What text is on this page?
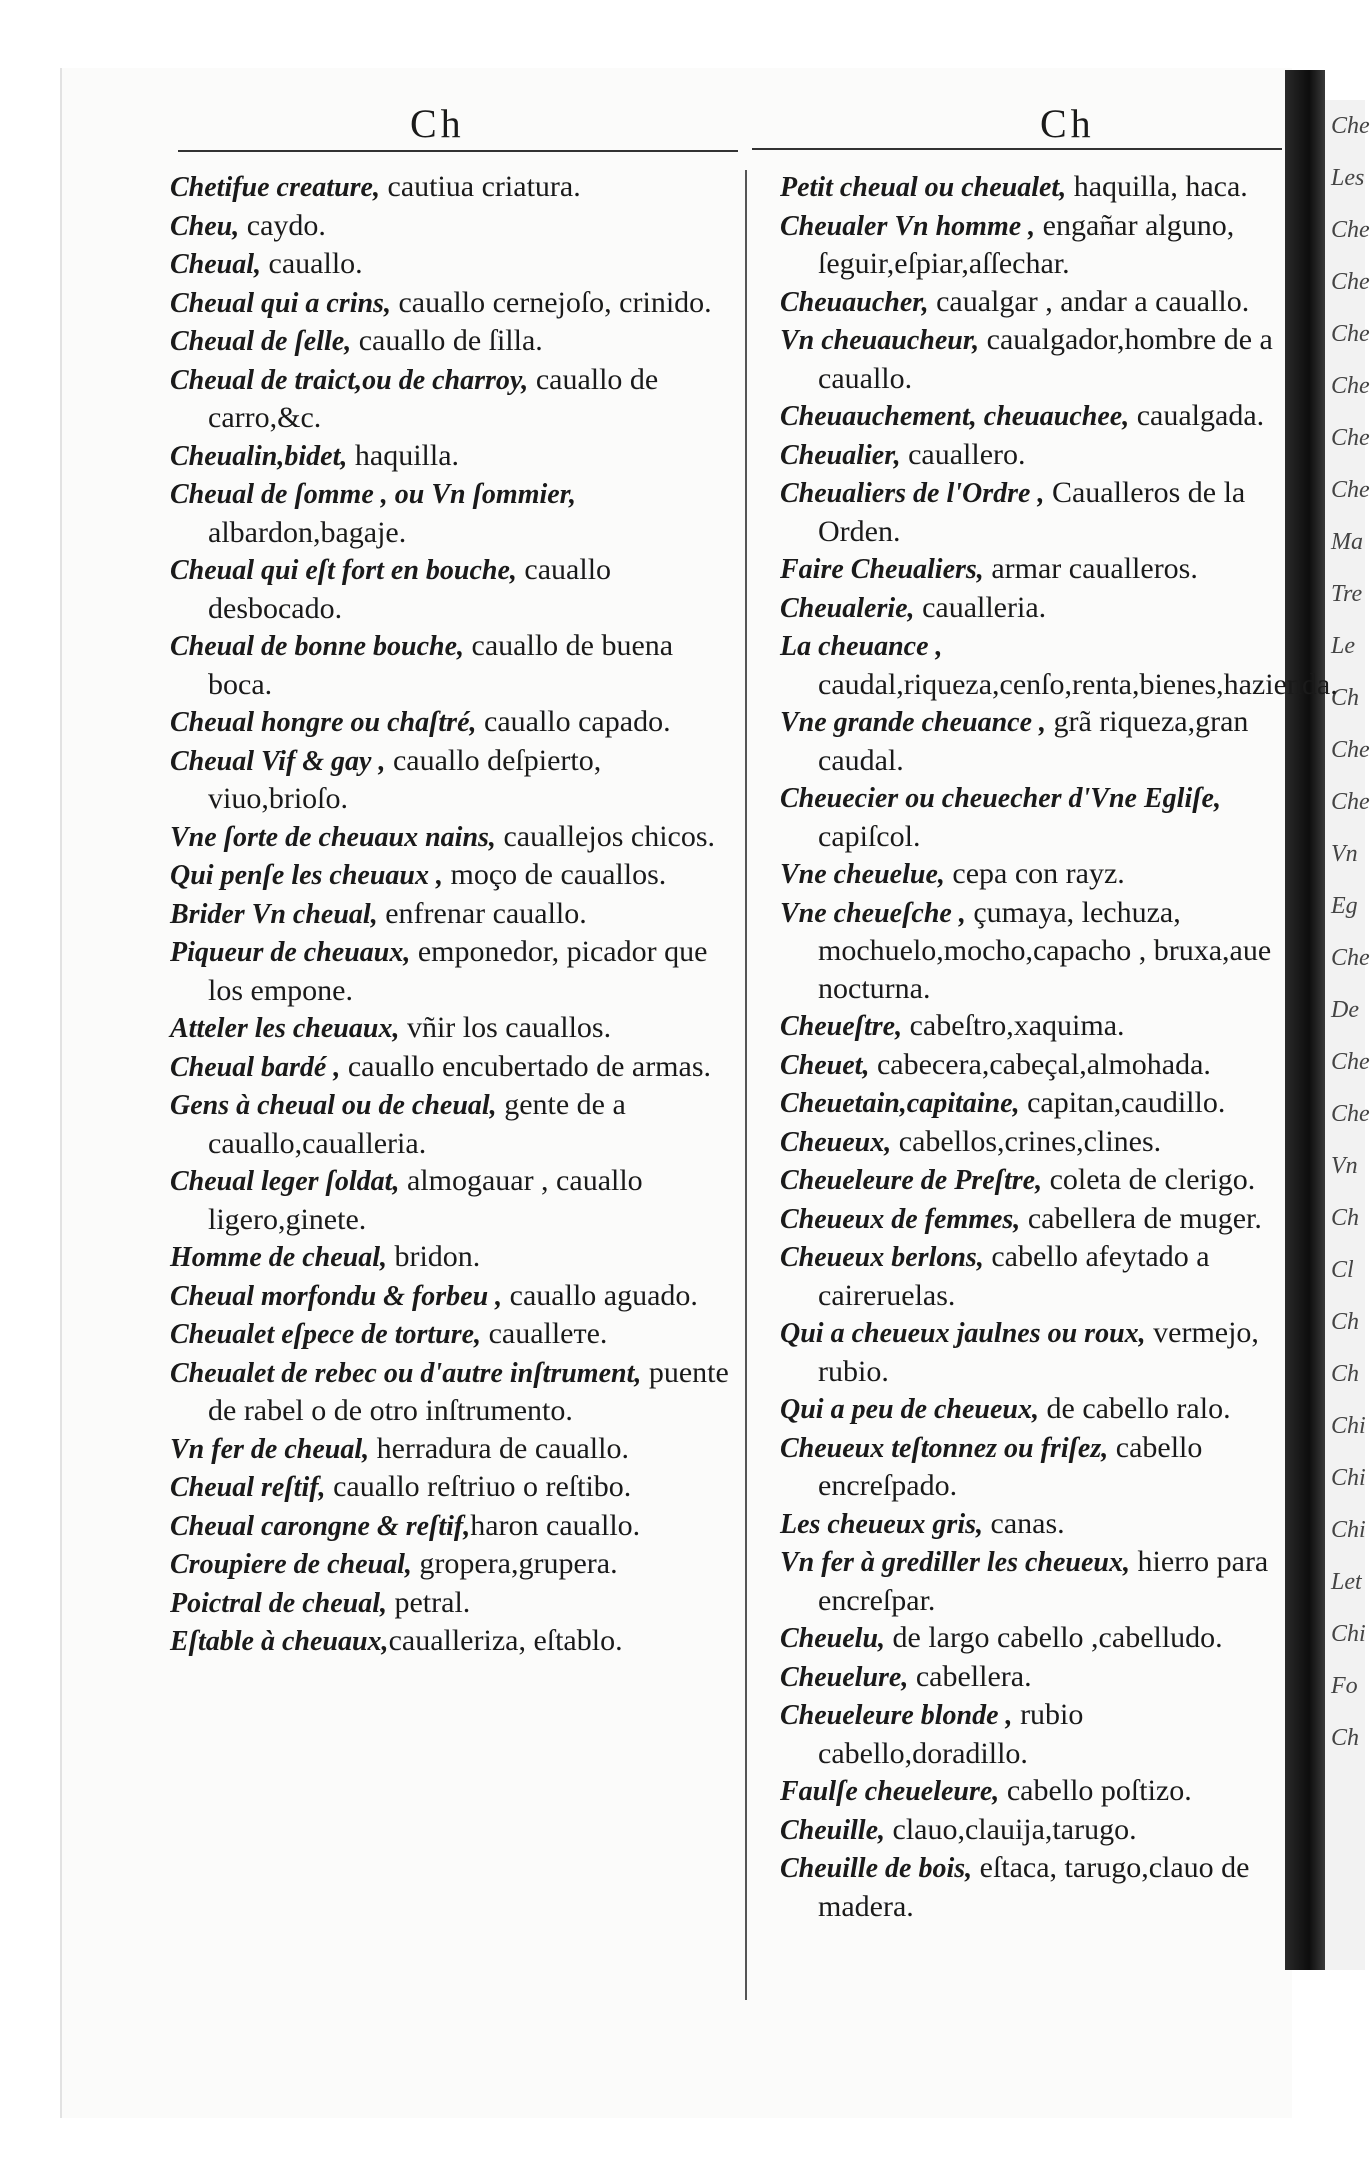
Che
Les
Che
Che
Che
Che
Che
Che
Ma
Tre
Le
Ch
Che
Che
Vn
Eg
Che
De
Che
Che
Vn
Ch
Cl
Ch
Ch
Chi
Chi
Chi
Let
Chi
Fo
Ch
Ch	Ch
Chetifue creature, cautiua criatura.
Cheu, caydo.
Cheual, cauallo.
Cheual qui a crins, cauallo cernejoſo, crinido.
Cheual de ſelle, cauallo de ſilla.
Cheual de traict,ou de charroy, cauallo de carro,&c.
Cheualin,bidet, haquilla.
Cheual de ſomme , ou Vn ſommier, albardon,bagaje.
Cheual qui eſt fort en bouche, cauallo desbocado.
Cheual de bonne bouche, cauallo de buena boca.
Cheual hongre ou chaſtré, cauallo capado.
Cheual Vif & gay , cauallo deſpierto, viuo,brioſo.
Vne ſorte de cheuaux nains, cauallejos chicos.
Qui penſe les cheuaux , moço de cauallos.
Brider Vn cheual, enfrenar cauallo.
Piqueur de cheuaux, emponedor, picador que los empone.
Atteler les cheuaux, vñir los cauallos.
Cheual bardé , cauallo encubertado de armas.
Gens à cheual ou de cheual, gente de a cauallo,caualleria.
Cheual leger ſoldat, almogauar , cauallo ligero,ginete.
Homme de cheual, bridon.
Cheual morfondu & forbeu , cauallo aguado.
Cheualet eſpece de torture, caualleте.
Cheualet de rebec ou d'autre inſtrument, puente de rabel o de otro inſtrumento.
Vn fer de cheual, herradura de cauallo.
Cheual reſtif, cauallo reſtriuo o reſtibo.
Cheual carongne & reſtif,haron cauallo.
Croupiere de cheual, gropera,grupera.
Poictral de cheual, petral.
Eſtable à cheuaux,caualleriza, eſtablo.
Petit cheual ou cheualet, haquilla, haca.
Cheualer Vn homme , engañar alguno, ſeguir,eſpiar,aſſechar.
Cheuaucher, caualgar , andar a cauallo.
Vn cheuaucheur, caualgador,hombre de a cauallo.
Cheuauchement, cheuauchee, caualgada.
Cheualier, cauallero.
Cheualiers de l'Ordre , Caualleros de la Orden.
Faire Cheualiers, armar caualleros.
Cheualerie, caualleria.
La cheuance , caudal,riqueza,cenſo,renta,bienes,hazienda.
Vne grande cheuance , grã riqueza,gran caudal.
Cheuecier ou cheuecher d'Vne Egliſe, capiſcol.
Vne cheuelue, cepa con rayz.
Vne cheueſche , çumaya, lechuza, mochuelo,mocho,capacho , bruxa,aue nocturna.
Cheueſtre, cabeſtro,xaquima.
Cheuet, cabecera,cabeçal,almohada.
Cheuetain,capitaine, capitan,caudillo.
Cheueux, cabellos,crines,clines.
Cheueleure de Preſtre, coleta de clerigo.
Cheueux de femmes, cabellera de muger.
Cheueux berlons, cabello afeytado a caireruelas.
Qui a cheueux jaulnes ou roux, vermejo, rubio.
Qui a peu de cheueux, de cabello ralo.
Cheueux teſtonnez ou friſez, cabello encreſpado.
Les cheueux gris, canas.
Vn fer à grediller les cheueux, hierro para encreſpar.
Cheuelu, de largo cabello ,cabelludo.
Cheuelure, cabellera.
Cheueleure blonde , rubio cabello,doradillo.
Faulſe cheueleure, cabello poſtizo.
Cheuille, clauo,clauija,tarugo.
Cheuille de bois, eſtaca, tarugo,clauo de madera.
